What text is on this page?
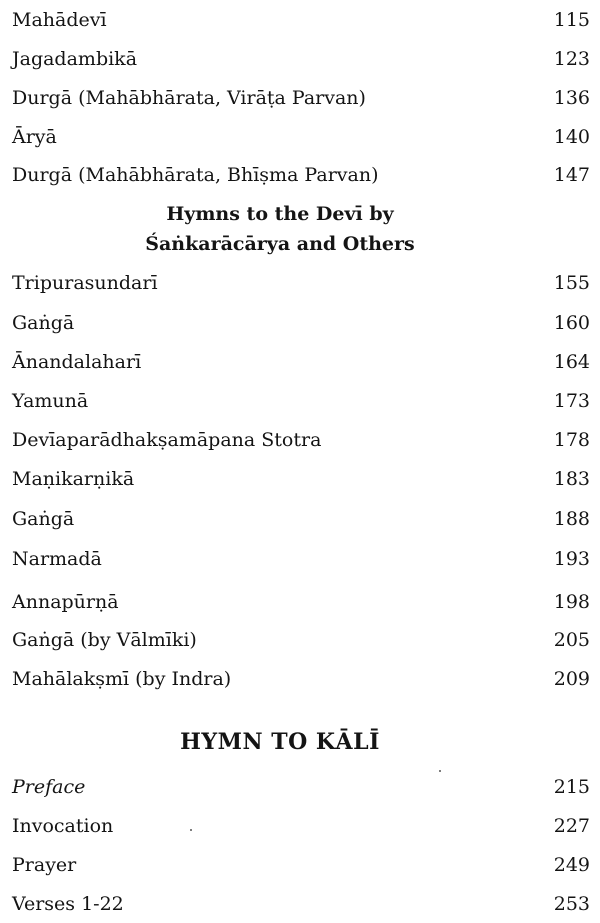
Mahādevī	115
Jagadambikā	123
Durgā (Mahābhārata, Virāṭa Parvan)	136
Āryā	140
Durgā (Mahābhārata, Bhīṣma Parvan)	147
Hymns to the Devī by
Śaṅkarācārya and Others
Tripurasundarī	155
Gaṅgā	160
Ānandalaharī	164
Yamunā	173
Devīaparādhakṣamāpana Stotra	178
Maṇikarṇikā	183
Gaṅgā	188
Narmadā	193
Annapūrṇā	198
Gaṅgā (by Vālmīki)	205
Mahālakṣmī (by Indra)	209
HYMN TO KĀLĪ
Preface	215
Invocation	227
Prayer	249
Verses 1-22	253
